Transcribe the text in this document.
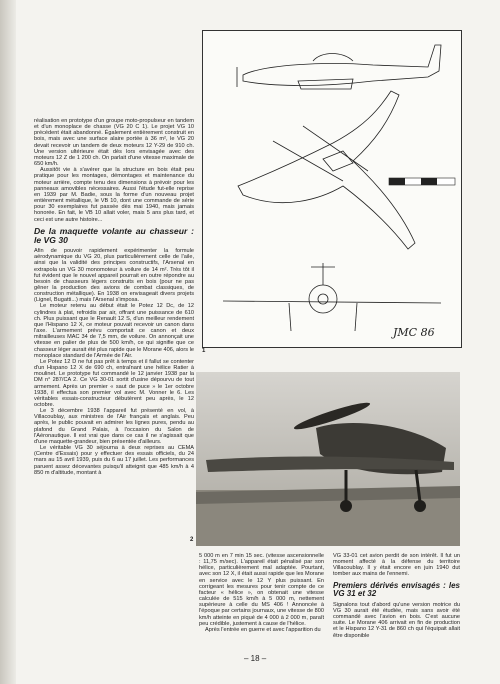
JMC 86
1
2

réalisation en prototype d'un groupe moto-propulseur en tandem et d'un monoplace de chasse (VG 20 C 1). Le projet VG 10 précédent était abandonné. Également entièrement construit en bois, mais avec une surface alaire portée à 36 m², le VG 20 devait recevoir un tandem de deux moteurs 12 Y-29 de 910 ch. Une version ultérieure était dès lors envisagée avec des moteurs 12 Z de 1 200 ch. On parlait d'une vitesse maximale de 650 km/h.

Aussitôt vie à s'avérer que la structure en bois était peu pratique pour les montages, démontages et maintenance du moteur arrière, compte tenu des dimensions à prévoir pour les panneaux amovibles nécessaires. Aussi l'étude fut-elle reprise en 1939 par M. Badie, sous la forme d'un nouveau projet entièrement métallique, le VB 10, dont une commande de série pour 30 exemplaires fut passée dès mai 1940, mais jamais honorée. En fait, le VB 10 allait voler, mais 5 ans plus tard, et ceci est une autre histoire...

De la maquette volante au chasseur : le VG 30

Afin de pouvoir rapidement expérimenter la formule aérodynamique du VG 20, plus particulièrement celle de l'aile, ainsi que la validité des principes constructifs, l'Arsenal en extrapola un VG 30 monomoteur à voilure de 14 m². Très tôt il fut évident que le nouvel appareil pourrait en outre répondre au besoin de chasseurs légers construits en bois (pour ne pas gêner la production des avions de combat classiques, de construction métallique). En 1938 on envisageait divers projets (Lignel, Bugatti...) mais l'Arsenal s'imposa.

Le moteur retenu au début était le Potez 12 Dc, de 12 cylindres à plat, refroidis par air, offrant une puissance de 610 ch. Plus puissant que le Renault 12 S, d'un meilleur rendement que l'Hispano 12 X, ce moteur pouvait recevoir un canon dans l'axe. L'armement prévu comportait ce canon et deux mitrailleuses MAC 34 de 7,5 mm, de voilure. On annonçait une vitesse en palier de plus de 500 km/h, ce qui signifie que ce chasseur léger aurait été plus rapide que le Morane 406, alors le monoplace standard de l'Armée de l'Air.

Le Potez 12 D ne fut pas prêt à temps et il fallut se contenter d'un Hispano 12 X de 690 ch, entraînant une hélice Ratier à moulinet. Le prototype fut commandé le 12 janvier 1938 par la DM n° 287/CA 2. Ce VG 30-01 sortit d'usine dépourvu de tout armement. Après un premier « saut de puce » le 1er octobre 1938, il effectua son premier vol avec M. Vonner le 6. Les véritables essais-constructeur débutèrent peu après, le 12 octobre.

Le 3 décembre 1938 l'appareil fut présenté en vol, à Villacoublay, aux ministres de l'Air français et anglais. Peu après, le public pouvait en admirer les lignes pures, pendu au plafond du Grand Palais, à l'occasion du Salon de l'Aéronautique. Il est vrai que dans ce cas il ne s'agissait que d'une maquette-grandeur, bien présentée d'ailleurs.

Le véritable VG 30 séjourna à deux reprises au CEMA (Centre d'Essais) pour y effectuer des essais officiels, du 24 mars au 15 avril 1939, puis du 6 au 17 juillet. Les performances paruent assez décevantes puisqu'il atteignit que 485 km/h à 4 850 m d'altitude, montant à

5 000 m en 7 min 15 sec. (vitesse ascensionnelle : 11,75 m/sec). L'appareil était pénalisé par son hélice, particulièrement mal adaptée. Pourtant, avec son 12 X, il était aussi rapide que les Morane en service avec le 12 Y plus puissant. En corrigeant les mesures pour tenir compte de ce facteur « hélice », on obtenait une vitesse calculée de 515 km/h à 5 000 m, nettement supérieure à celle du MS 406 ! Annoncée à l'époque par certains journaux, une vitesse de 800 km/h atteinte en piqué de 4 000 à 2 000 m, paraît peu crédible, justement à cause de l'hélice.

Après l'entrée en guerre et avec l'apparition du

VG 33-01 cet avion perdit de son intérêt. Il fut un moment affecté à la défense du territoire Villacoublay. Il y était encore en juin 1940 dut tomber aux mains de l'ennemi.

Premiers dérivés envisagés : les VG 31 et 32

Signalons tout d'abord qu'une version motrice du VG 30 aurait été étudiée, mais sans avoir été commandé avec l'avion en bois. C'est aucune suite. Le Morane 406 arrivait en fin de production et le Hispano 12 Y-31 de 860 ch qui l'équipait allait être disponible

– 18 –
